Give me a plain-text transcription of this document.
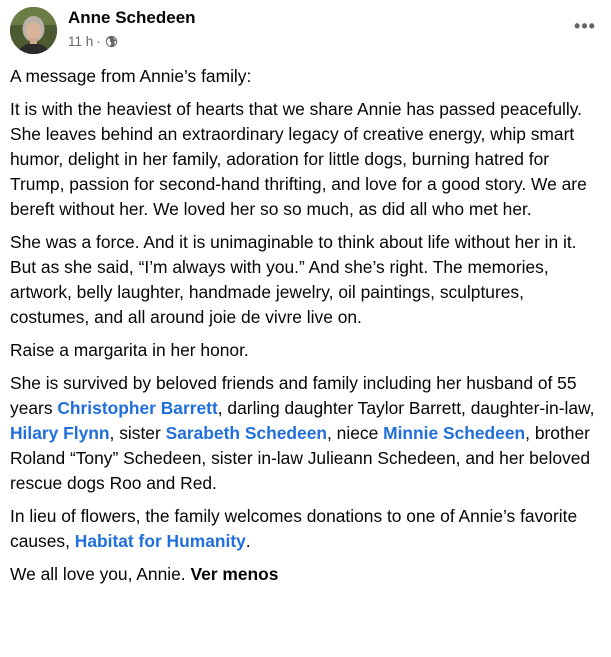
Anne Schedeen
11 h ·
•••

A message from Annie’s family:

It is with the heaviest of hearts that we share Annie has passed peacefully. She leaves behind an extraordinary legacy of creative energy, whip smart humor, delight in her family, adoration for little dogs, burning hatred for Trump, passion for second-hand thrifting, and love for a good story. We are bereft without her. We loved her so so much, as did all who met her.

She was a force. And it is unimaginable to think about life without her in it. But as she said, “I’m always with you.” And she’s right. The memories, artwork, belly laughter, handmade jewelry, oil paintings, sculptures,
costumes, and all around joie de vivre live on.

Raise a margarita in her honor.

She is survived by beloved friends and family including her husband of 55 years Christopher Barrett, darling daughter Taylor Barrett, daughter-in-law, Hilary Flynn, sister Sarabeth Schedeen, niece Minnie Schedeen, brother Roland “Tony” Schedeen, sister in-law Julieann Schedeen, and her beloved rescue dogs Roo and Red.

In lieu of flowers, the family welcomes donations to one of Annie’s favorite causes, Habitat for Humanity.

We all love you, Annie. Ver menos
